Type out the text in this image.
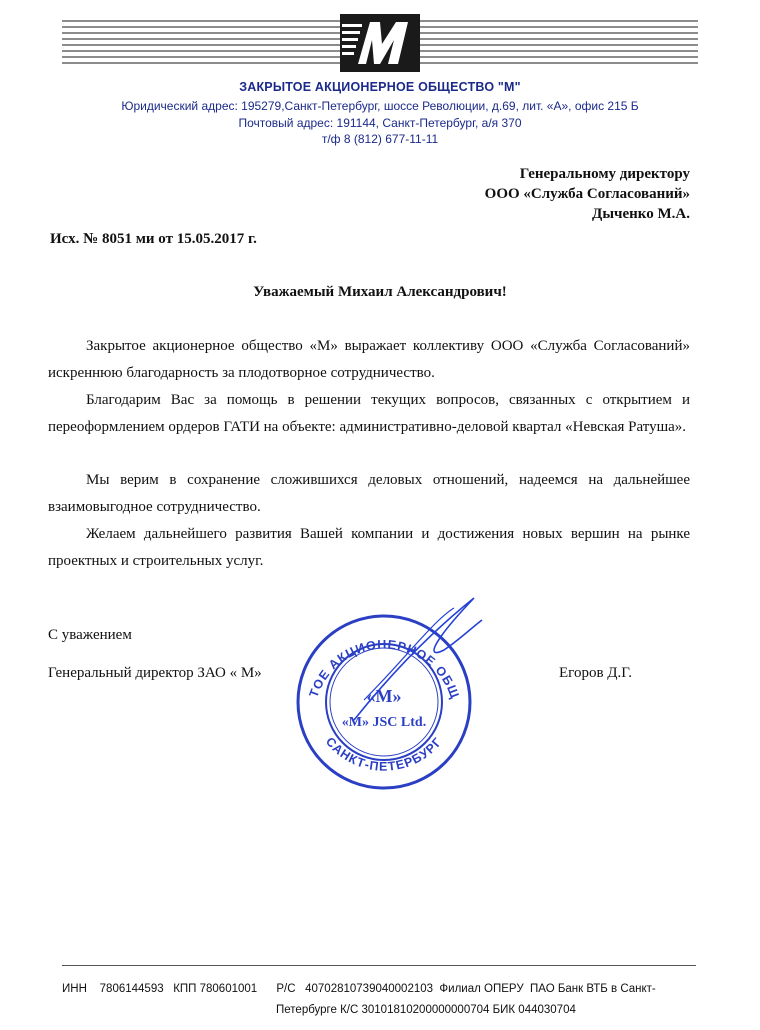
ЗАКРЫТОЕ АКЦИОНЕРНОЕ ОБЩЕСТВО "М"
Юридический адрес: 195279,Санкт-Петербург, шоссе Революции, д.69, лит. «А», офис 215 Б
Почтовый адрес: 191144, Санкт-Петербург, а/я 370
т/ф 8 (812) 677-11-11
Генеральному директору
ООО «Служба Согласований»
Дыченко М.А.
Исх. № 8051 ми от 15.05.2017 г.
Уважаемый Михаил Александрович!

Закрытое акционерное общество «М» выражает коллективу ООО «Служба Согласований» искреннюю благодарность за плодотворное сотрудничество.

Благодарим Вас за помощь в решении текущих вопросов, связанных с открытием и переоформлением ордеров ГАТИ на объекте: административно-деловой квартал «Невская Ратуша».

Мы верим в сохранение сложившихся деловых отношений, надеемся на дальнейшее взаимовыгодное сотрудничество.

Желаем дальнейшего развития Вашей компании и достижения новых вершин на рынке проектных и строительных услуг.

С уважением
Генеральный директор ЗАО « М»	Егоров Д.Г.
ТОЕ АКЦИОНЕРНОЕ ОБЩ
САНКТ-ПЕТЕРБУРГ
«М»
«M» JSC Ltd.
ИНН    7806144593   КПП 780601001      Р/С   40702810739040002103  Филиал ОПЕРУ  ПАО Банк ВТБ в Санкт-
Петербурге К/С 30101810200000000704 БИК 044030704
